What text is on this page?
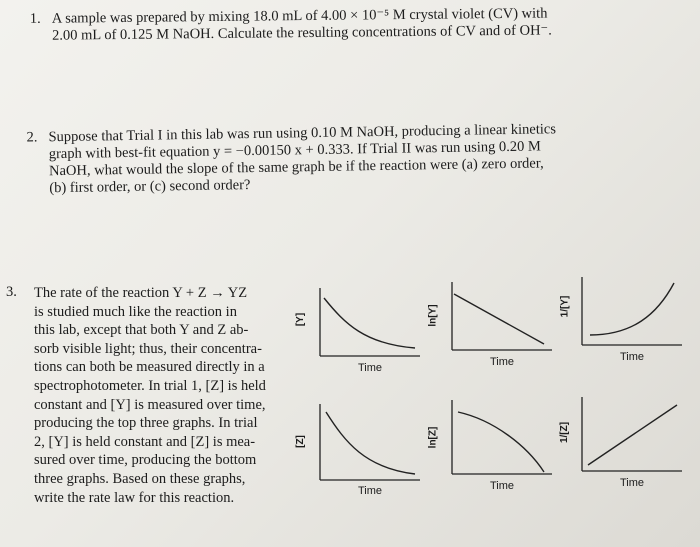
1. A sample was prepared by mixing 18.0 mL of 4.00 × 10⁻⁵ M crystal violet (CV) with
2.00 mL of 0.125 M NaOH. Calculate the resulting concentrations of CV and of OH⁻.
2. Suppose that Trial I in this lab was run using 0.10 M NaOH, producing a linear kinetics
graph with best-fit equation y = −0.00150 x + 0.333. If Trial II was run using 0.20 M
NaOH, what would the slope of the same graph be if the reaction were (a) zero order,
(b) first order, or (c) second order?
3. The rate of the reaction Y + Z → YZ
is studied much like the reaction in
this lab, except that both Y and Z ab-
sorb visible light; thus, their concentra-
tions can both be measured directly in a
spectrophotometer. In trial 1, [Z] is held
constant and [Y] is measured over time,
producing the top three graphs. In trial
2, [Y] is held constant and [Z] is mea-
sured over time, producing the bottom
three graphs. Based on these graphs,
write the rate law for this reaction.
[Y]
Time
ln[Y]
Time
1/[Y]
Time
[Z]
Time
ln[Z]
Time
1/[Z]
Time
